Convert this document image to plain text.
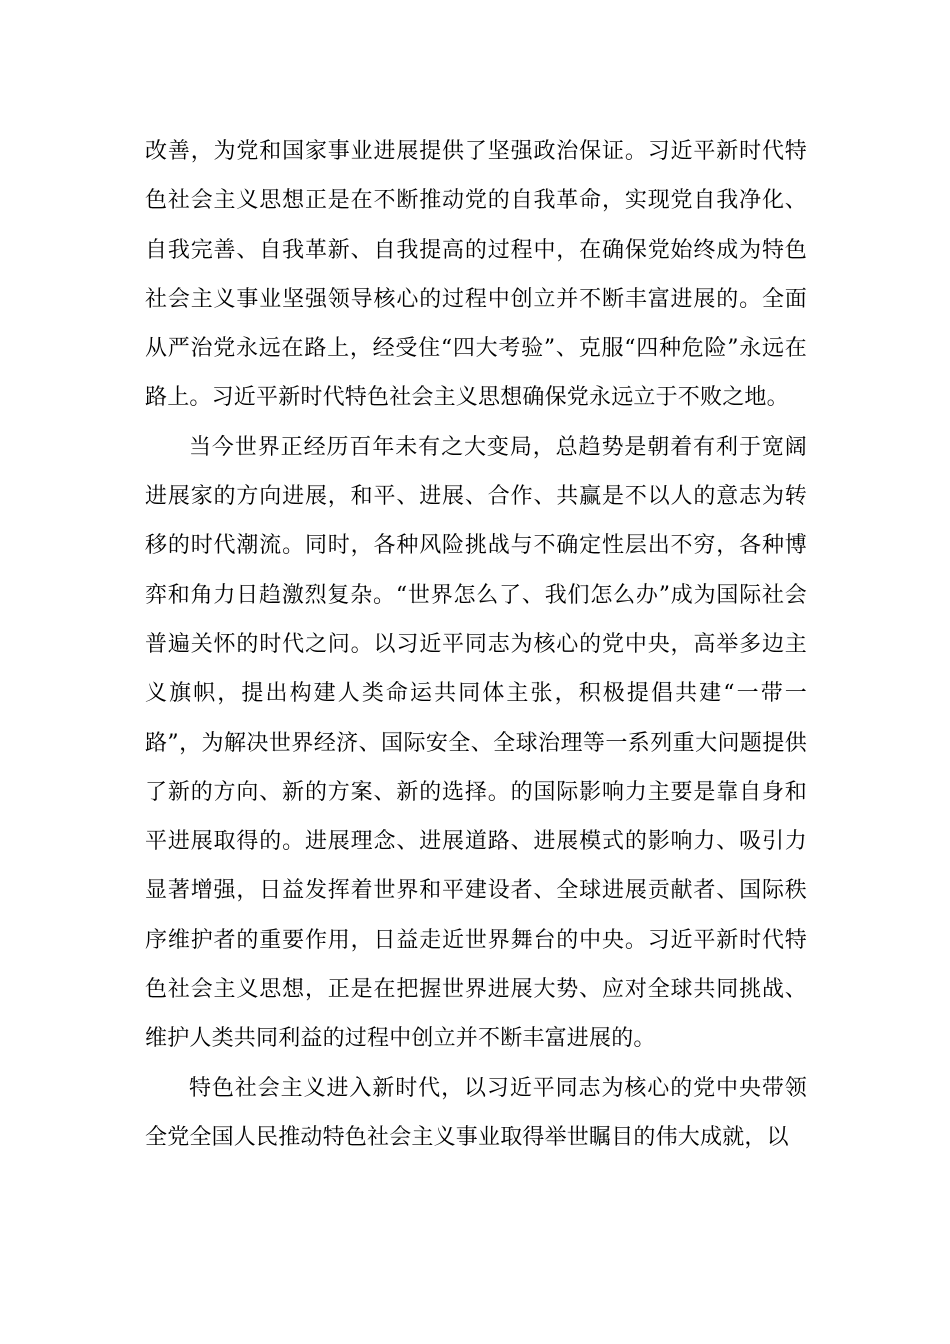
改善，为党和国家事业进展提供了坚强政治保证。习近平新时代特色社会主义思想正是在不断推动党的自我革命，实现党自我净化、自我完善、自我革新、自我提高的过程中，在确保党始终成为特色社会主义事业坚强领导核心的过程中创立并不断丰富进展的。全面从严治党永远在路上，经受住“四大考验”、克服“四种危险”永远在路上。习近平新时代特色社会主义思想确保党永远立于不败之地。

当今世界正经历百年未有之大变局，总趋势是朝着有利于宽阔进展家的方向进展，和平、进展、合作、共赢是不以人的意志为转移的时代潮流。同时，各种风险挑战与不确定性层出不穷，各种博弈和角力日趋激烈复杂。“世界怎么了、我们怎么办”成为国际社会普遍关怀的时代之问。以习近平同志为核心的党中央，高举多边主义旗帜，提出构建人类命运共同体主张，积极提倡共建“一带一路”，为解决世界经济、国际安全、全球治理等一系列重大问题提供了新的方向、新的方案、新的选择。的国际影响力主要是靠自身和平进展取得的。进展理念、进展道路、进展模式的影响力、吸引力显著增强，日益发挥着世界和平建设者、全球进展贡献者、国际秩序维护者的重要作用，日益走近世界舞台的中央。习近平新时代特色社会主义思想，正是在把握世界进展大势、应对全球共同挑战、维护人类共同利益的过程中创立并不断丰富进展的。

特色社会主义进入新时代，以习近平同志为核心的党中央带领全党全国人民推动特色社会主义事业取得举世瞩目的伟大成就，以
